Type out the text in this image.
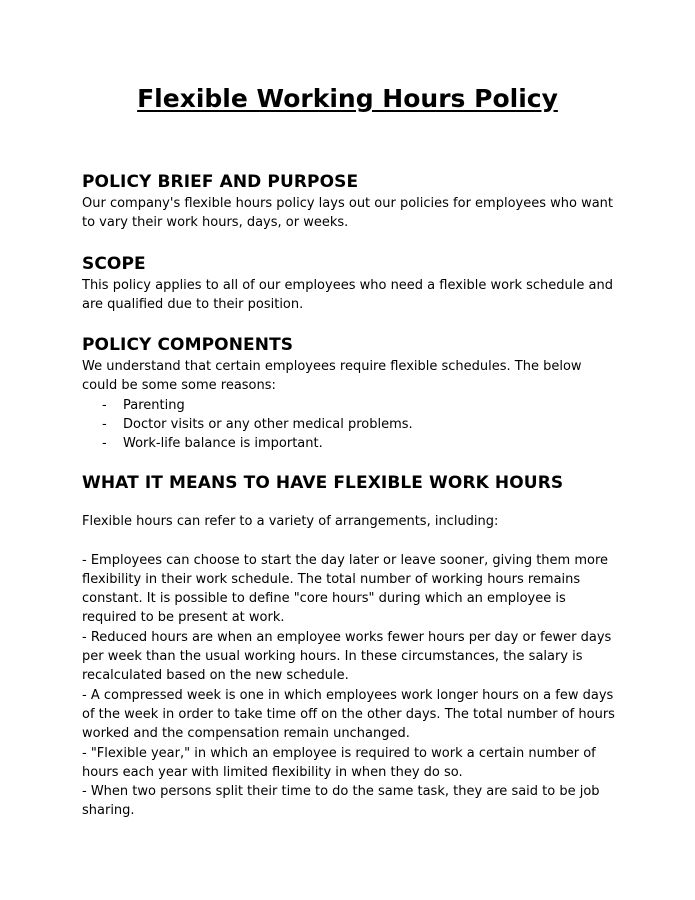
Flexible Working Hours Policy
POLICY BRIEF AND PURPOSE

Our company's flexible hours policy lays out our policies for employees who want to vary their work hours, days, or weeks.

SCOPE

This policy applies to all of our employees who need a flexible work schedule and are qualified due to their position.

POLICY COMPONENTS

We understand that certain employees require flexible schedules. The below could be some some reasons:

- Parenting
- Doctor visits or any other medical problems.
- Work-life balance is important.
WHAT IT MEANS TO HAVE FLEXIBLE WORK HOURS

Flexible hours can refer to a variety of arrangements, including:

- Employees can choose to start the day later or leave sooner, giving them more flexibility in their work schedule. The total number of working hours remains constant. It is possible to define "core hours" during which an employee is required to be present at work.

- Reduced hours are when an employee works fewer hours per day or fewer days per week than the usual working hours. In these circumstances, the salary is recalculated based on the new schedule.

- A compressed week is one in which employees work longer hours on a few days of the week in order to take time off on the other days. The total number of hours worked and the compensation remain unchanged.

- "Flexible year," in which an employee is required to work a certain number of hours each year with limited flexibility in when they do so.

- When two persons split their time to do the same task, they are said to be job sharing.
